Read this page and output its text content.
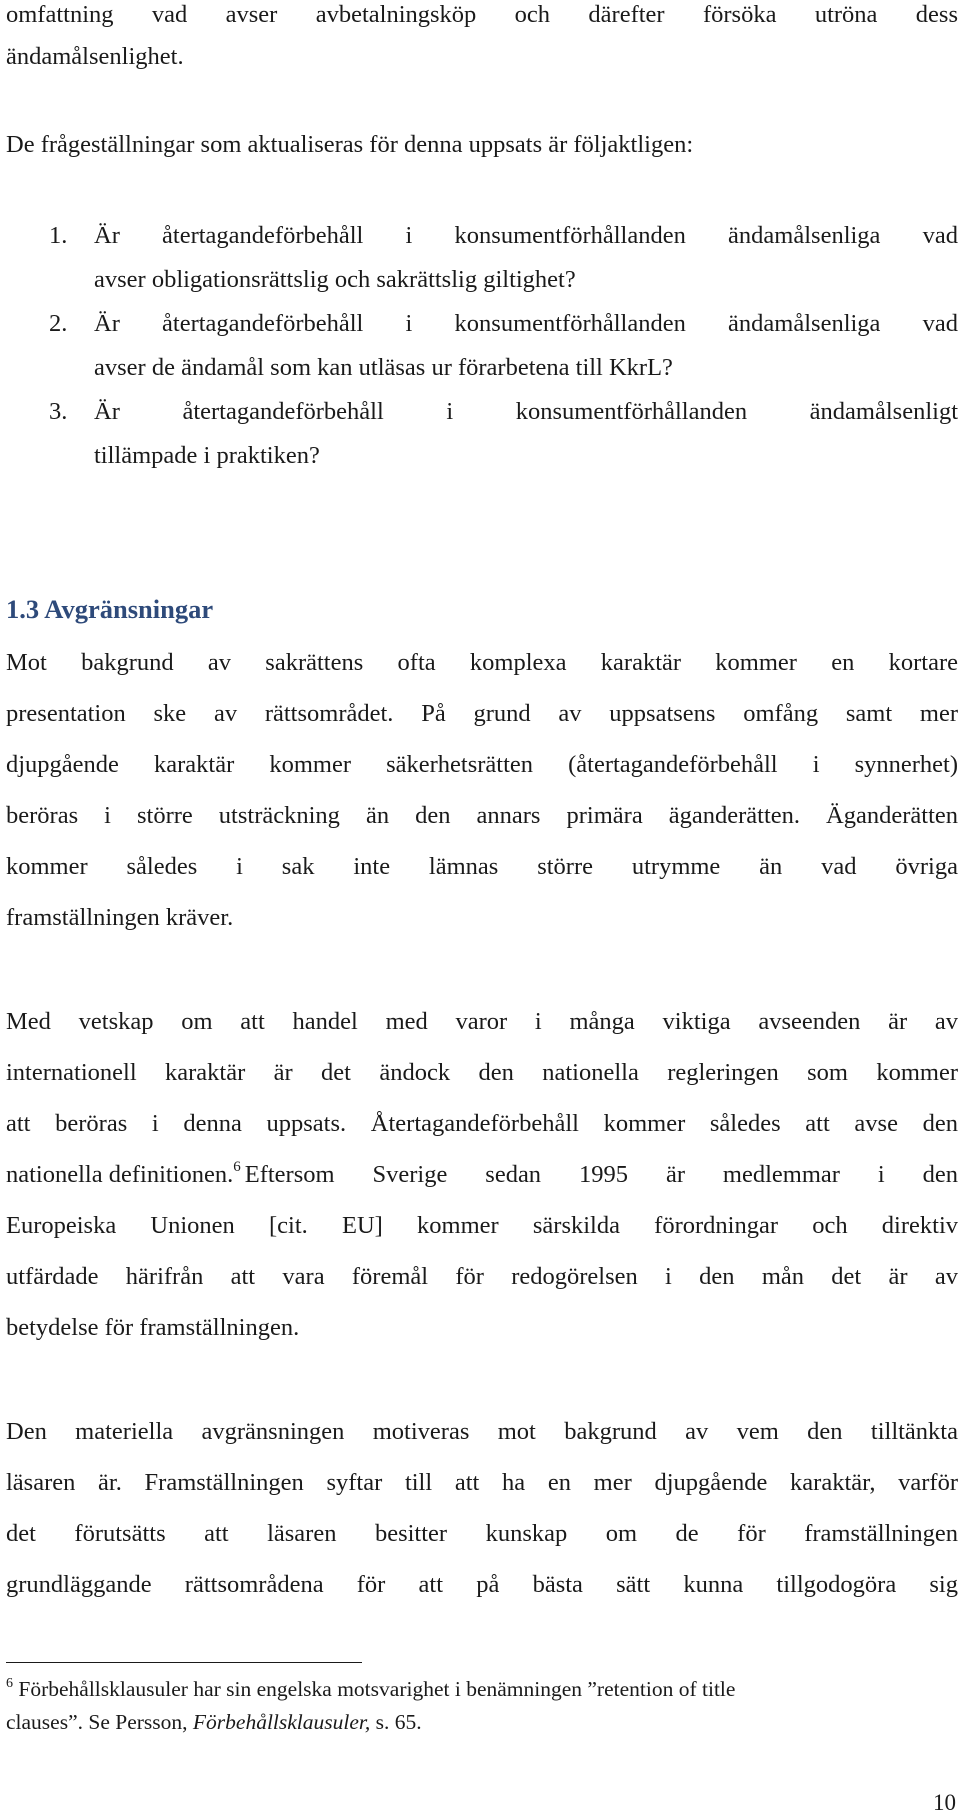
omfattning vad avser avbetalningsköp och därefter försöka utröna dess
ändamålsenlighet.
De frågeställningar som aktualiseras för denna uppsats är följaktligen:
1. Är återtagandeförbehåll i konsumentförhållanden ändamålsenliga vad
avser obligationsrättslig och sakrättslig giltighet?
2. Är återtagandeförbehåll i konsumentförhållanden ändamålsenliga vad
avser de ändamål som kan utläsas ur förarbetena till KkrL?
3. Är återtagandeförbehåll i konsumentförhållanden ändamålsenligt
tillämpade i praktiken?
1.3 Avgränsningar
Mot bakgrund av sakrättens ofta komplexa karaktär kommer en kortare
presentation ske av rättsområdet. På grund av uppsatsens omfång samt mer
djupgående karaktär kommer säkerhetsrätten (återtagandeförbehåll i synnerhet)
beröras i större utsträckning än den annars primära äganderätten. Äganderätten
kommer således i sak inte lämnas större utrymme än vad övriga
framställningen kräver.
Med vetskap om att handel med varor i många viktiga avseenden är av
internationell karaktär är det ändock den nationella regleringen som kommer
att beröras i denna uppsats. Återtagandeförbehåll kommer således att avse den
nationella definitionen.$^6$ Eftersom Sverige sedan 1995 är medlemmar i den
Europeiska Unionen [cit. EU] kommer särskilda förordningar och direktiv
utfärdade härifrån att vara föremål för redogörelsen i den mån det är av
betydelse för framställningen.
Den materiella avgränsningen motiveras mot bakgrund av vem den tilltänkta
läsaren är. Framställningen syftar till att ha en mer djupgående karaktär, varför
det förutsätts att läsaren besitter kunskap om de för framställningen
grundläggande rättsområdena för att på bästa sätt kunna tillgodogöra sig
$^6$ Förbehållsklausuler har sin engelska motsvarighet i benämningen ”retention of title
clauses”. Se Persson, Förbehållsklausuler, s. 65.
10
